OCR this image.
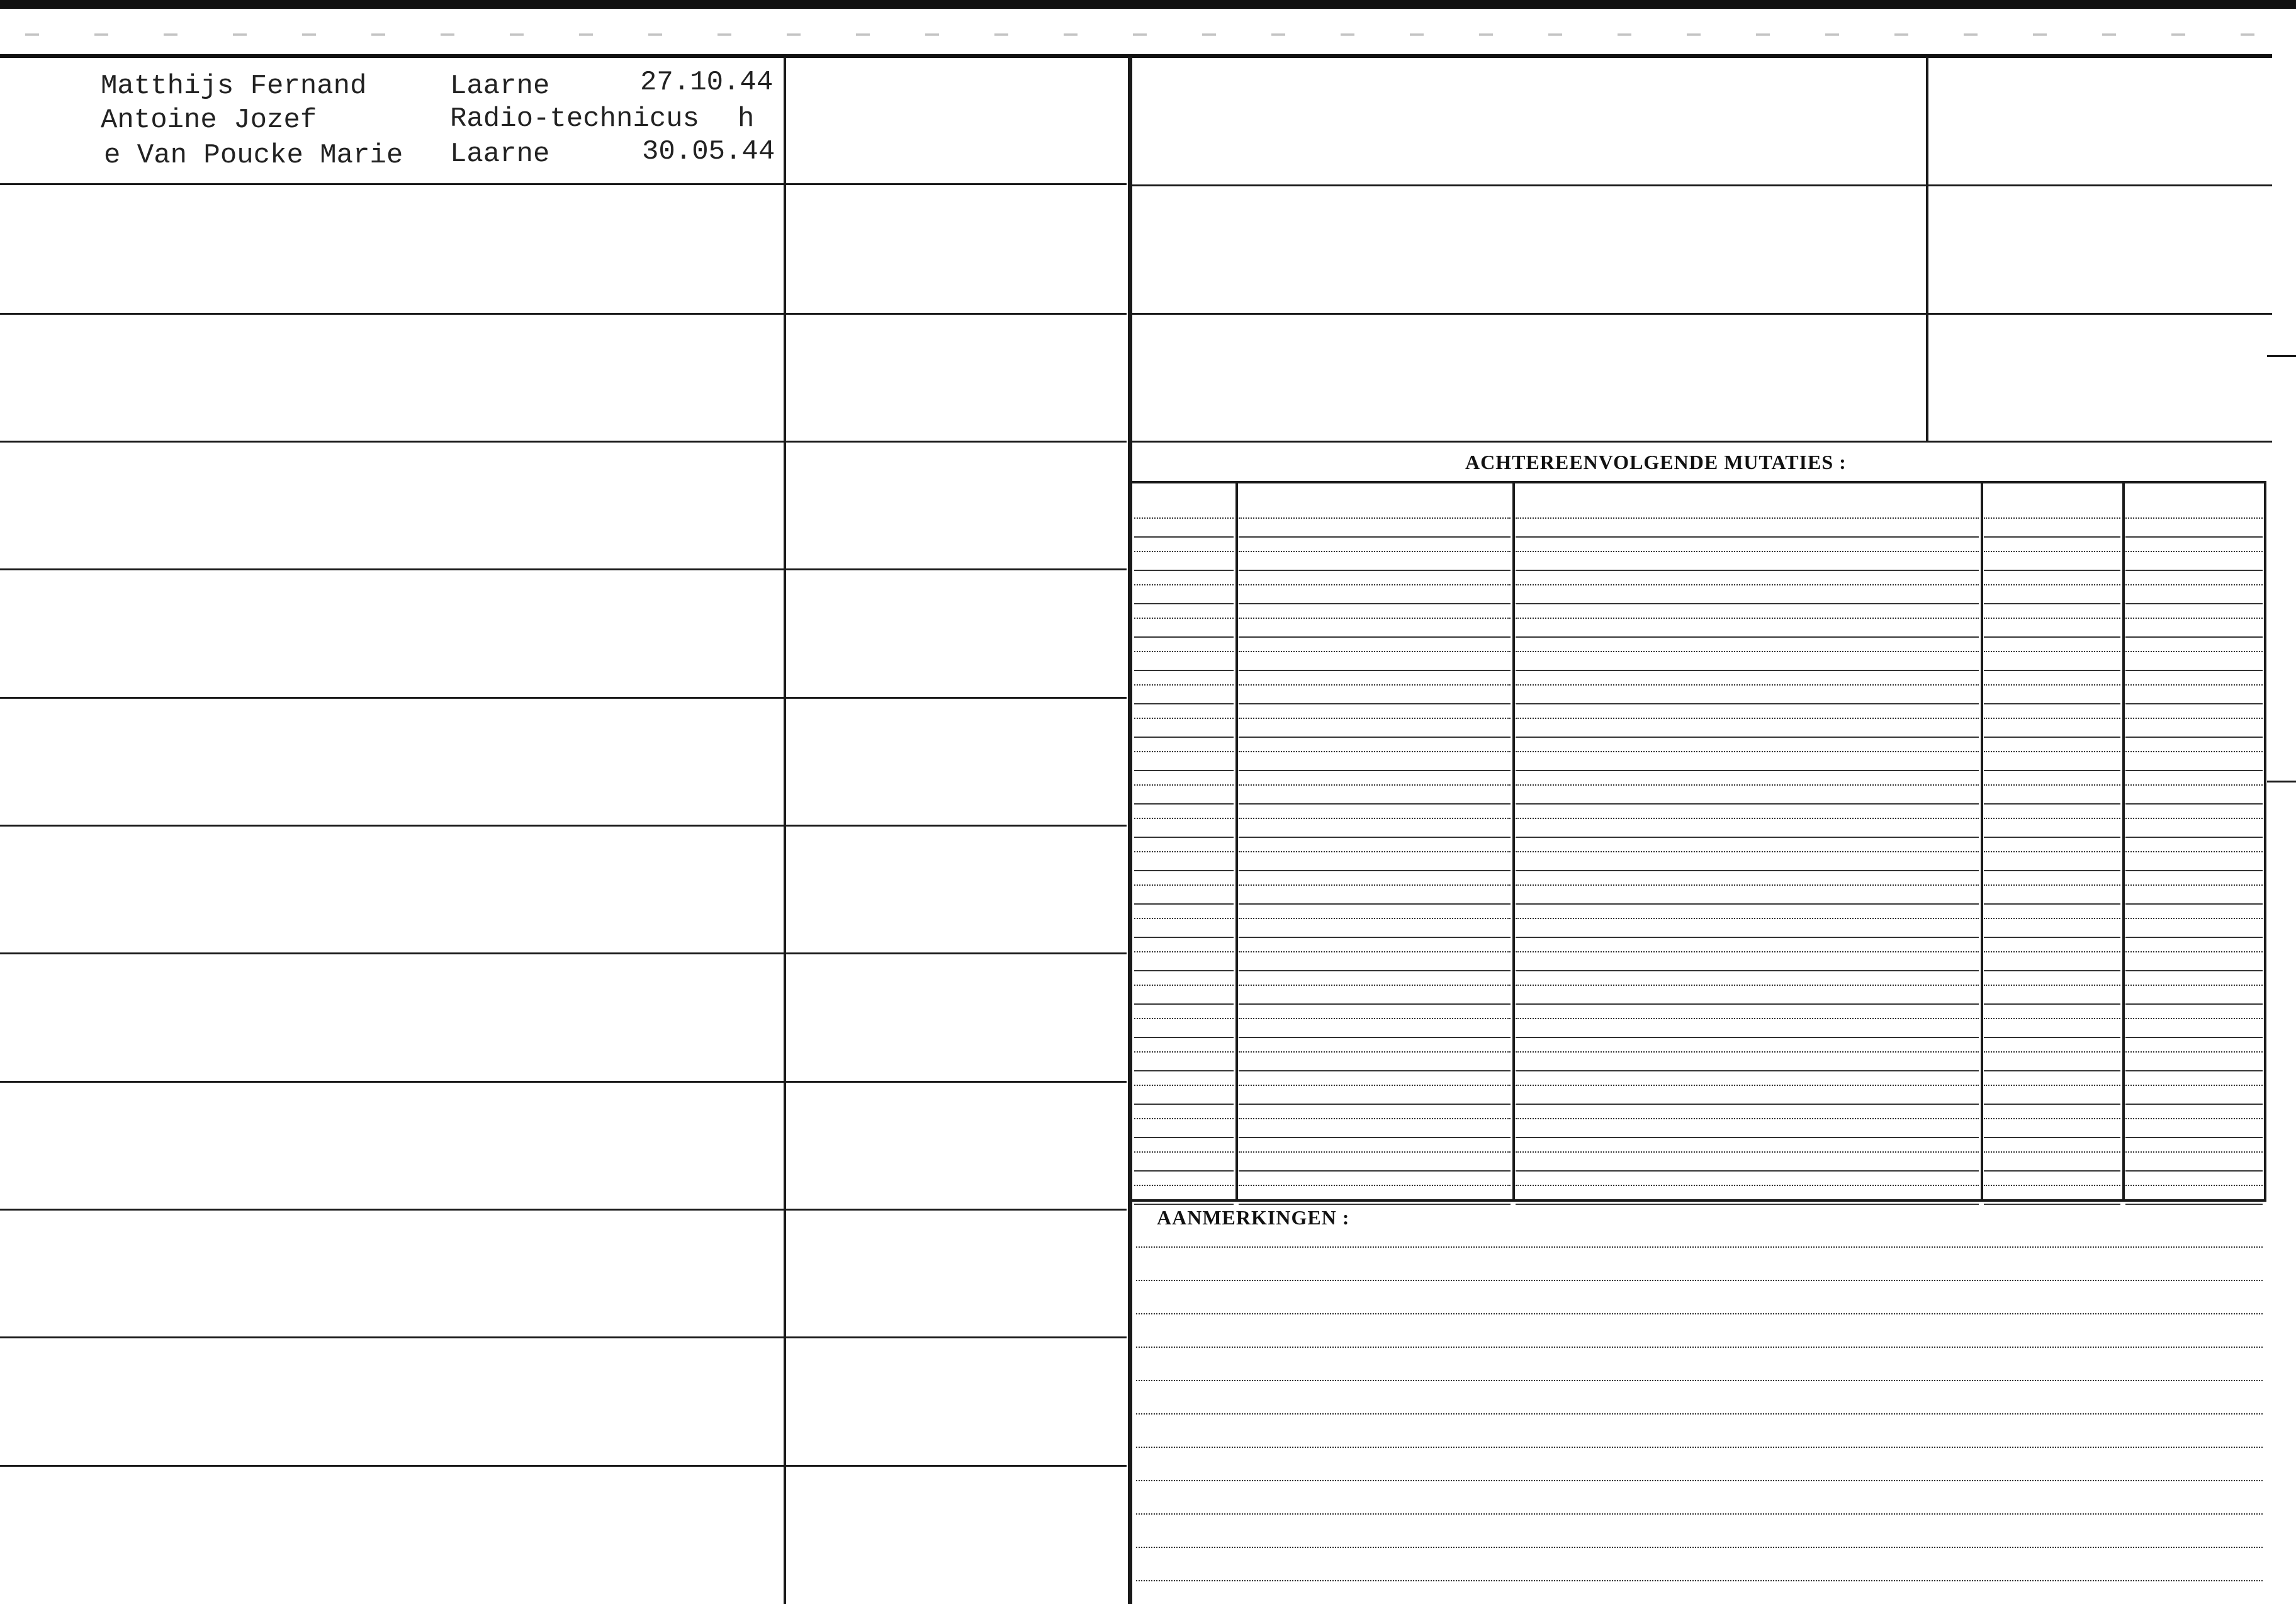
Matthijs Fernand
Antoine Jozef
e Van Poucke Marie
Laarne	27.10.44
Radio-technicus h
Laarne	30.05.44
ACHTEREENVOLGENDE MUTATIES :
AANMERKINGEN :
